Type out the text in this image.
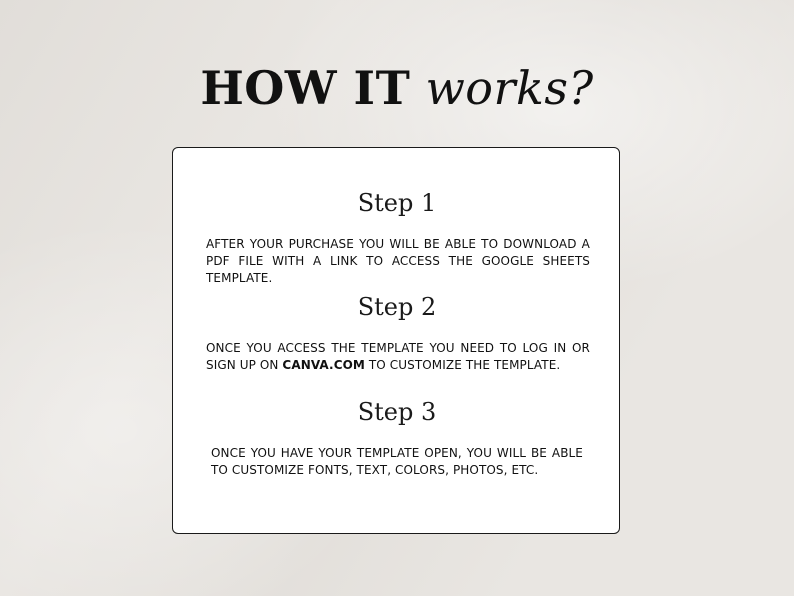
HOW IT works?
Step 1
AFTER YOUR PURCHASE YOU WILL BE ABLE TO DOWNLOAD A PDF FILE WITH A LINK TO ACCESS THE GOOGLE SHEETS TEMPLATE.
Step 2
ONCE YOU ACCESS THE TEMPLATE YOU NEED TO LOG IN OR SIGN UP ON CANVA.COM TO CUSTOMIZE THE TEMPLATE.
Step 3
ONCE YOU HAVE YOUR TEMPLATE OPEN, YOU WILL BE ABLE TO CUSTOMIZE FONTS, TEXT, COLORS, PHOTOS, ETC.
